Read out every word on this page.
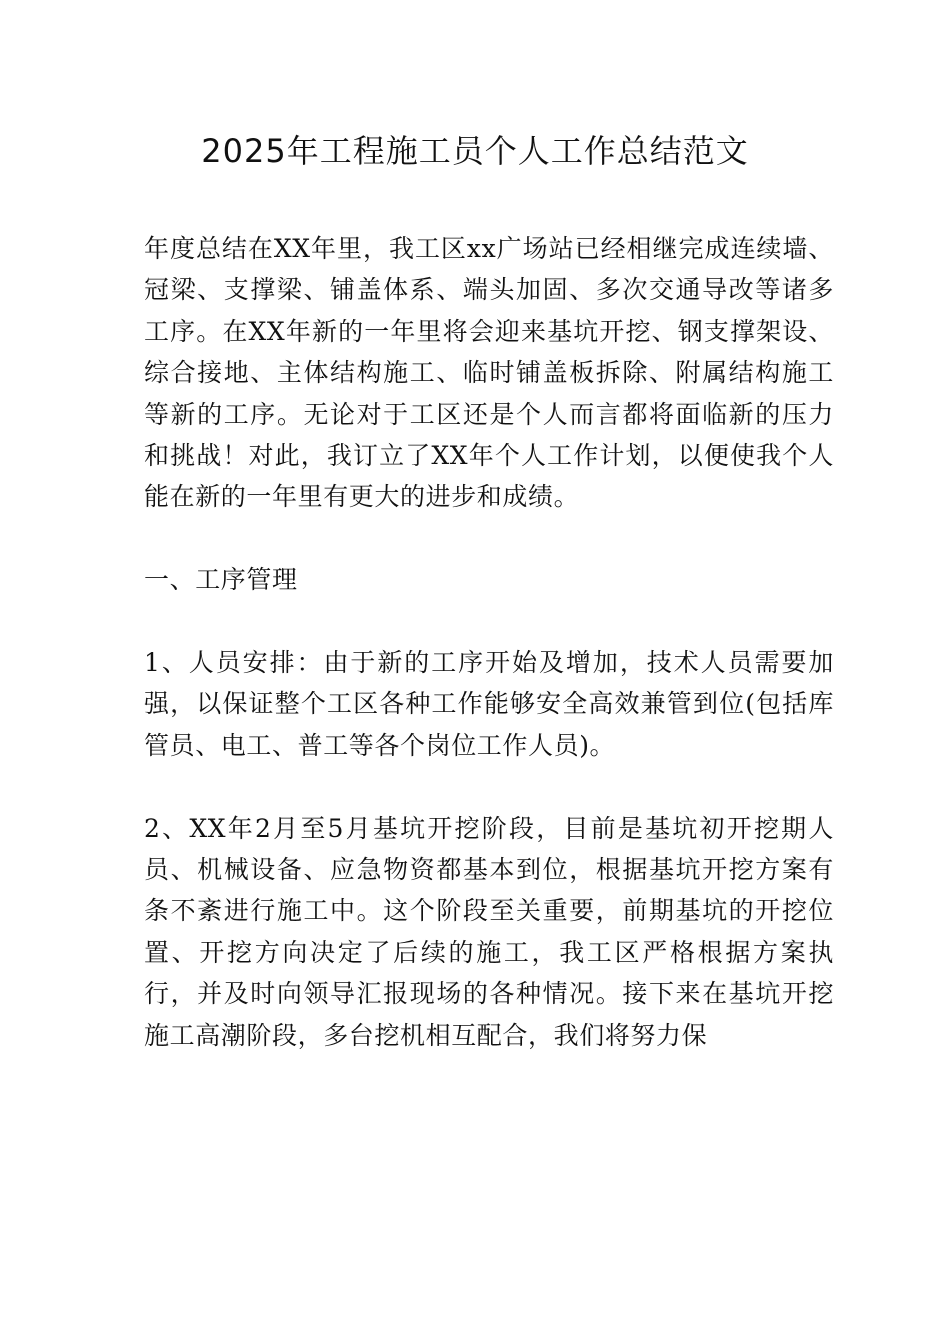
2025年工程施工员个人工作总结范文

年度总结在XX年里，我工区xx广场站已经相继完成连续墙、冠梁、支撑梁、铺盖体系、端头加固、多次交通导改等诸多工序。在XX年新的一年里将会迎来基坑开挖、钢支撑架设、综合接地、主体结构施工、临时铺盖板拆除、附属结构施工等新的工序。无论对于工区还是个人而言都将面临新的压力和挑战！对此，我订立了XX年个人工作计划，以便使我个人能在新的一年里有更大的进步和成绩。

一、工序管理

1、人员安排：由于新的工序开始及增加，技术人员需要加强，以保证整个工区各种工作能够安全高效兼管到位(包括库管员、电工、普工等各个岗位工作人员)。

2、XX年2月至5月基坑开挖阶段，目前是基坑初开挖期人员、机械设备、应急物资都基本到位，根据基坑开挖方案有条不紊进行施工中。这个阶段至关重要，前期基坑的开挖位置、开挖方向决定了后续的施工，我工区严格根据方案执行，并及时向领导汇报现场的各种情况。接下来在基坑开挖施工高潮阶段，多台挖机相互配合，我们将努力保
